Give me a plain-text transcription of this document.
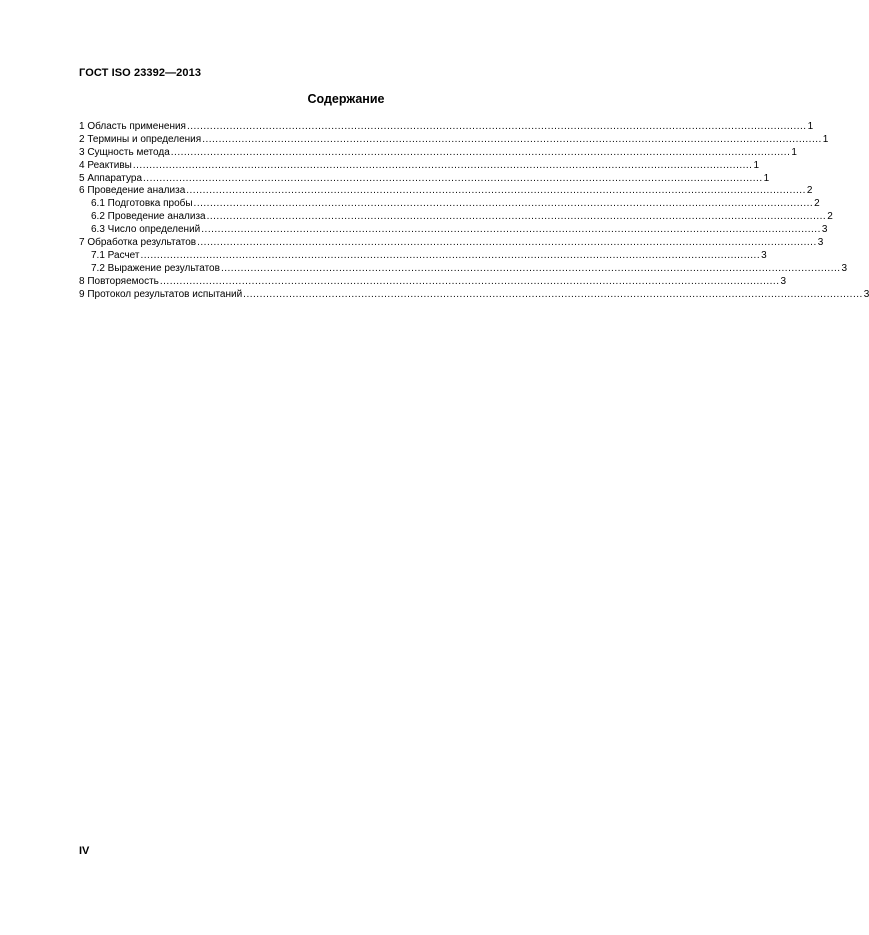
ГОСТ ISO 23392—2013
Содержание
1 Область применения ............................................................................................................................................................................................. 1
2 Термины и определения ............................................................................................................................................................................................. 1
3 Сущность метода ............................................................................................................................................................................................. 1
4 Реактивы ............................................................................................................................................................................................. 1
5 Аппаратура ............................................................................................................................................................................................. 1
6 Проведение анализа ............................................................................................................................................................................................. 2
6.1 Подготовка пробы ............................................................................................................................................................................................. 2
6.2 Проведение анализа ............................................................................................................................................................................................. 2
6.3 Число определений ............................................................................................................................................................................................. 3
7 Обработка результатов ............................................................................................................................................................................................. 3
7.1 Расчет ............................................................................................................................................................................................. 3
7.2 Выражение результатов ............................................................................................................................................................................................. 3
8 Повторяемость ............................................................................................................................................................................................. 3
9 Протокол результатов испытаний ............................................................................................................................................................................................. 3
IV
